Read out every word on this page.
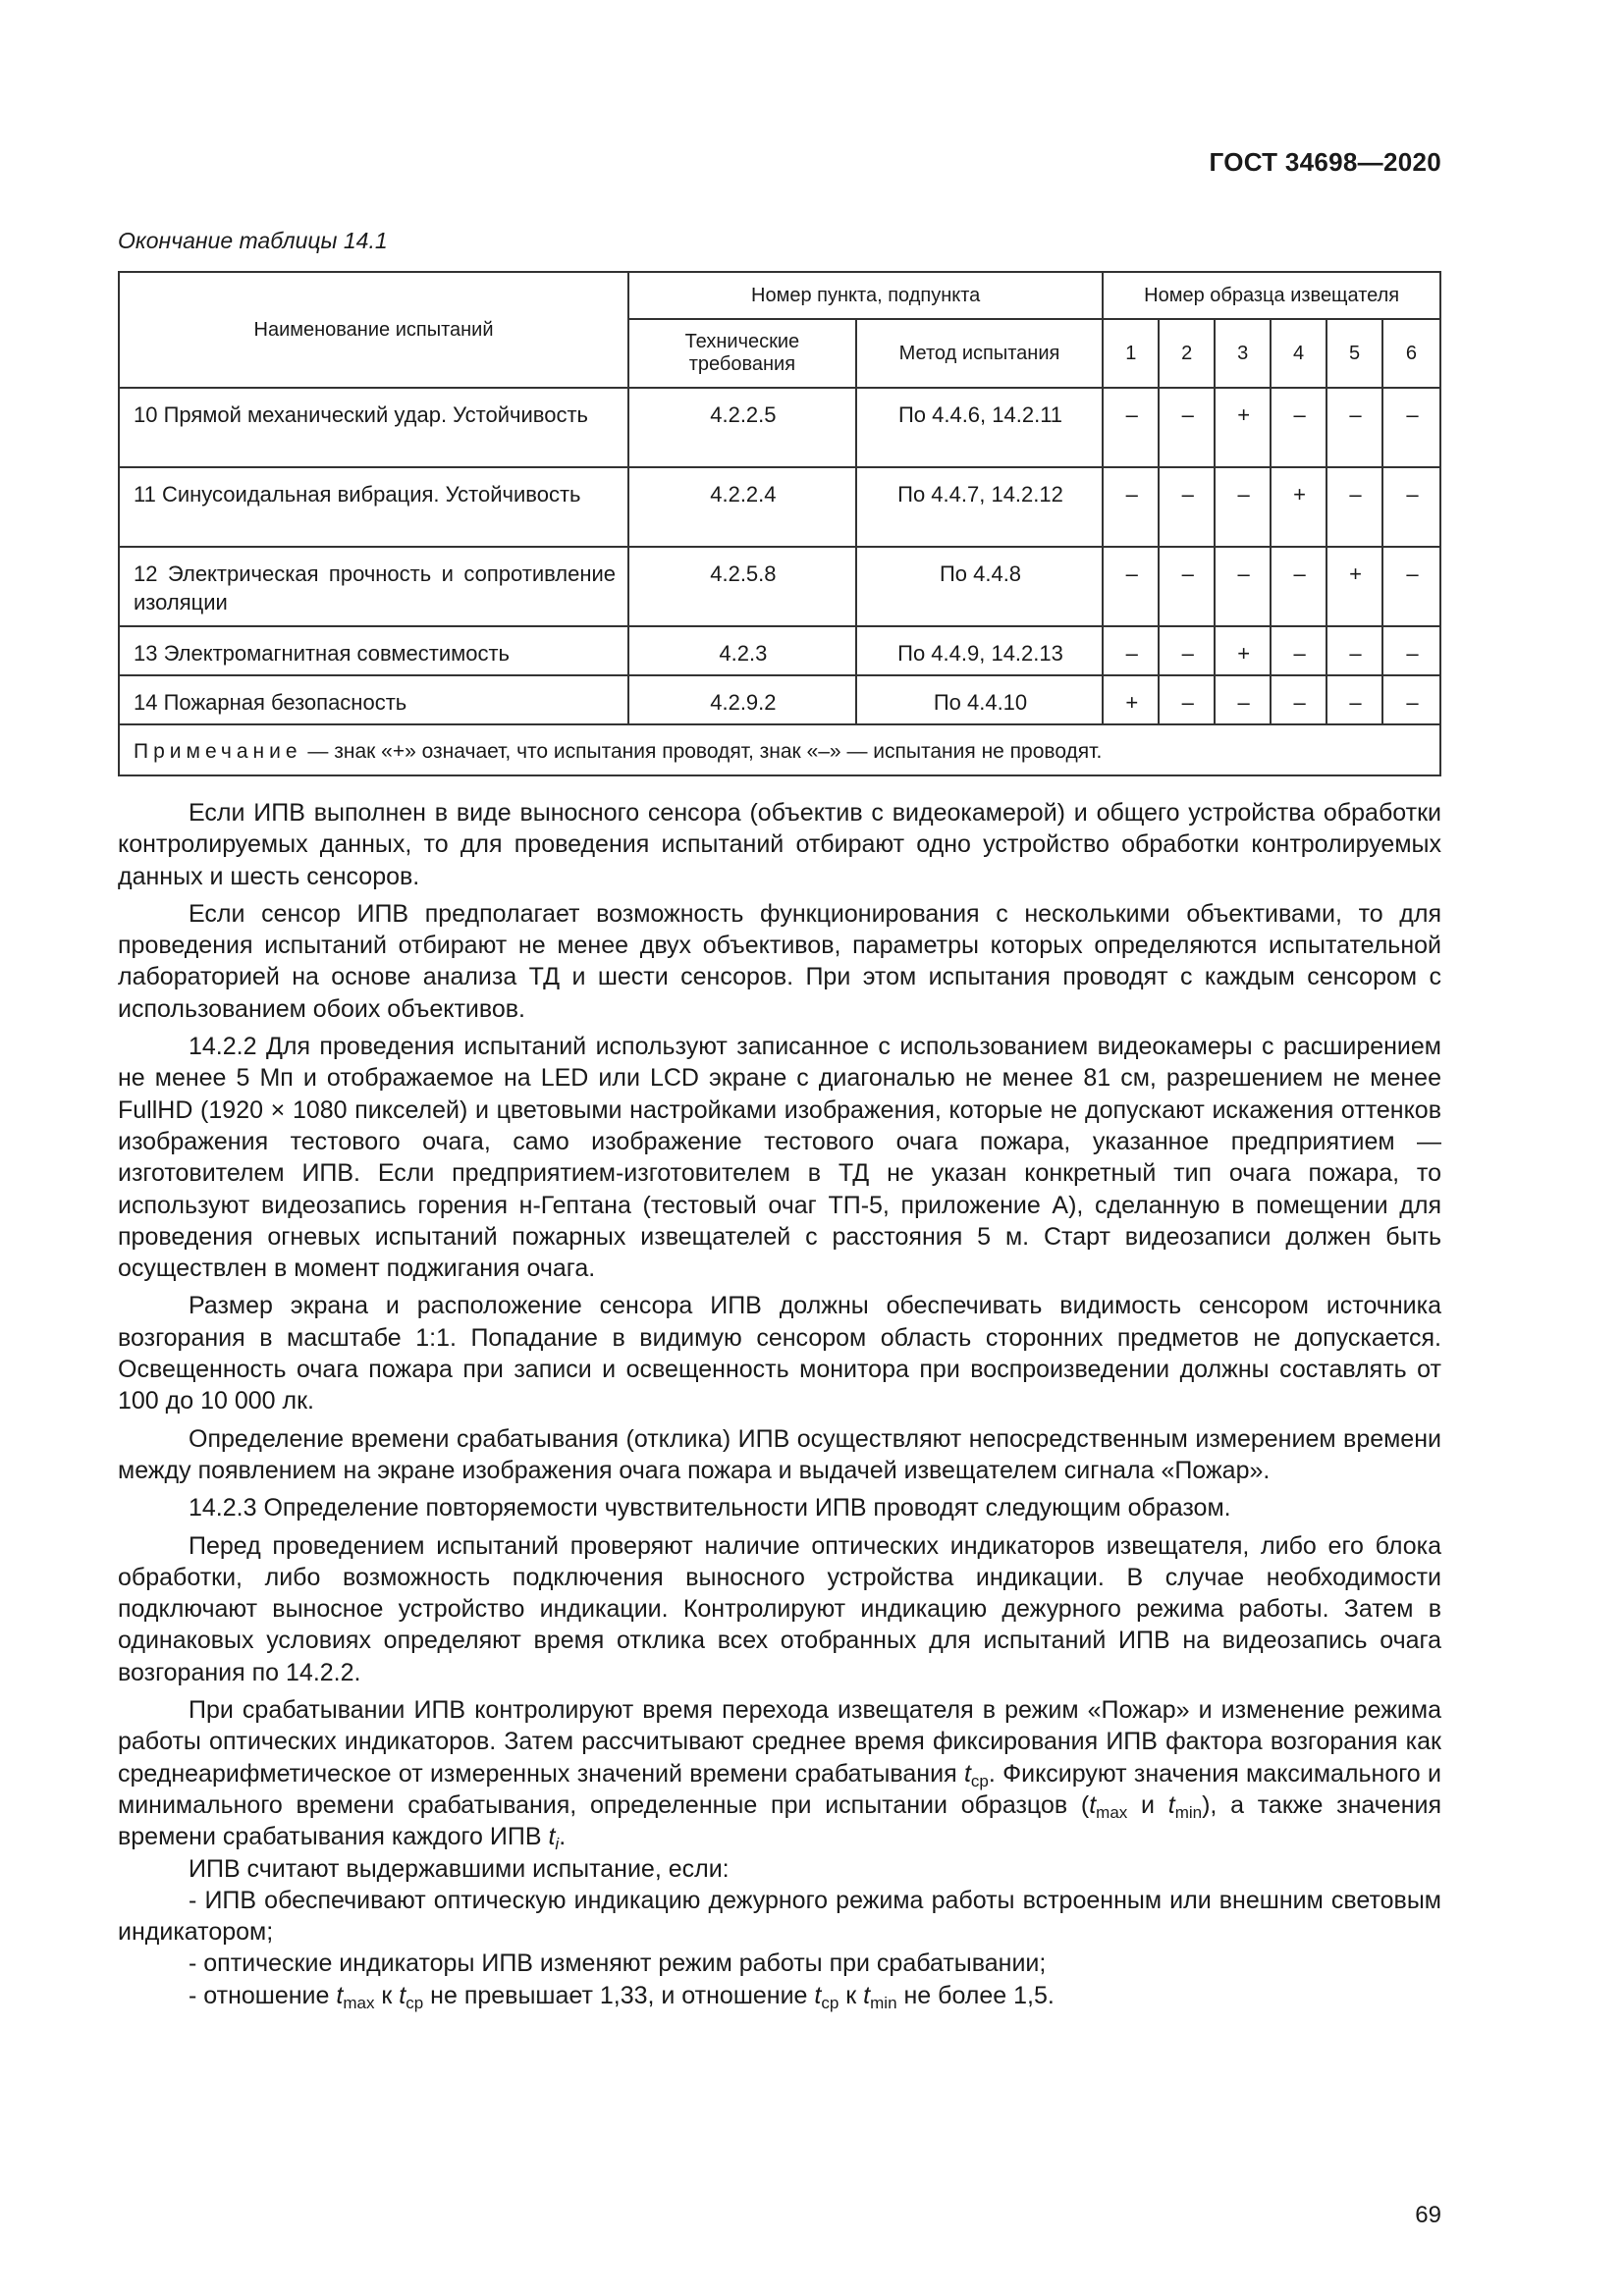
ГОСТ 34698—2020
Окончание таблицы 14.1
Наименование испытаний	Номер пункта, подпункта		Номер образца извещателя					
	Технические требования	Метод испытания	1	2	3	4	5	6
10 Прямой механический удар. Устойчивость	4.2.2.5	По 4.4.6, 14.2.11	–	–	+	–	–	–
11 Синусоидальная вибрация. Устойчивость	4.2.2.4	По 4.4.7, 14.2.12	–	–	–	+	–	–
12 Электрическая прочность и сопротивление изоляции	4.2.5.8	По 4.4.8	–	–	–	–	+	–
13 Электромагнитная совместимость	4.2.3	По 4.4.9, 14.2.13	–	–	+	–	–	–
14 Пожарная безопасность	4.2.9.2	По 4.4.10	+	–	–	–	–	–
Примечание — знак «+» означает, что испытания проводят, знак «–» — испытания не проводят.								

Если ИПВ выполнен в виде выносного сенсора (объектив с видеокамерой) и общего устройства обработки контролируемых данных, то для проведения испытаний отбирают одно устройство обработки контролируемых данных и шесть сенсоров.

Если сенсор ИПВ предполагает возможность функционирования с несколькими объективами, то для проведения испытаний отбирают не менее двух объективов, параметры которых определяются испытательной лабораторией на основе анализа ТД и шести сенсоров. При этом испытания проводят с каждым сенсором с использованием обоих объективов.

14.2.2 Для проведения испытаний используют записанное с использованием видеокамеры с расширением не менее 5 Мп и отображаемое на LED или LCD экране с диагональю не менее 81 см, разрешением не менее FullHD (1920 × 1080 пикселей) и цветовыми настройками изображения, которые не допускают искажения оттенков изображения тестового очага, само изображение тестового очага пожара, указанное предприятием — изготовителем ИПВ. Если предприятием-изготовителем в ТД не указан конкретный тип очага пожара, то используют видеозапись горения н-Гептана (тестовый очаг ТП-5, приложение А), сделанную в помещении для проведения огневых испытаний пожарных извещателей с расстояния 5 м. Старт видеозаписи должен быть осуществлен в момент поджигания очага.

Размер экрана и расположение сенсора ИПВ должны обеспечивать видимость сенсором источника возгорания в масштабе 1:1. Попадание в видимую сенсором область сторонних предметов не допускается. Освещенность очага пожара при записи и освещенность монитора при воспроизведении должны составлять от 100 до 10 000 лк.

Определение времени срабатывания (отклика) ИПВ осуществляют непосредственным измерением времени между появлением на экране изображения очага пожара и выдачей извещателем сигнала «Пожар».

14.2.3 Определение повторяемости чувствительности ИПВ проводят следующим образом.

Перед проведением испытаний проверяют наличие оптических индикаторов извещателя, либо его блока обработки, либо возможность подключения выносного устройства индикации. В случае необходимости подключают выносное устройство индикации. Контролируют индикацию дежурного режима работы. Затем в одинаковых условиях определяют время отклика всех отобранных для испытаний ИПВ на видеозапись очага возгорания по 14.2.2.

При срабатывании ИПВ контролируют время перехода извещателя в режим «Пожар» и изменение режима работы оптических индикаторов. Затем рассчитывают среднее время фиксирования ИПВ фактора возгорания как среднеарифметическое от измеренных значений времени срабатывания $t_{ср}$. Фиксируют значения максимального и минимального времени срабатывания, определенные при испытании образцов ($t_{max}$ и $t_{min}$), а также значения времени срабатывания каждого ИПВ $t_i$.

ИПВ считают выдержавшими испытание, если:

- ИПВ обеспечивают оптическую индикацию дежурного режима работы встроенным или внешним световым индикатором;

- оптические индикаторы ИПВ изменяют режим работы при срабатывании;

- отношение $t_{max}$ к $t_{ср}$ не превышает 1,33, и отношение $t_{ср}$ к $t_{min}$ не более 1,5.

69
